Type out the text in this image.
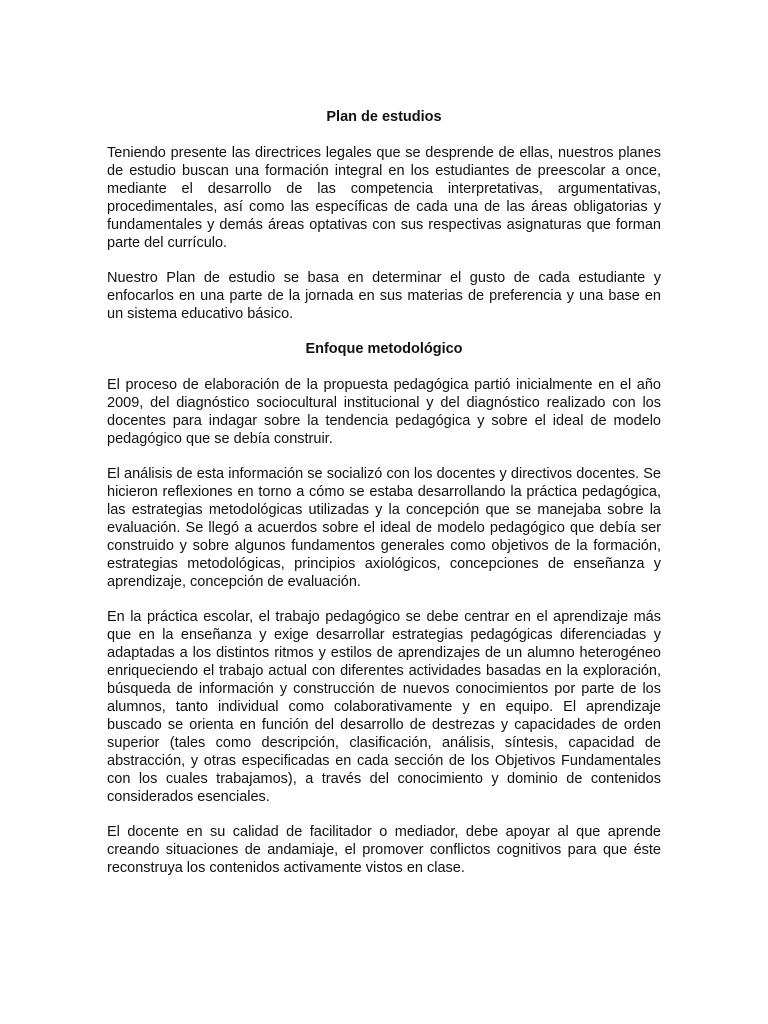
Plan de estudios

Teniendo presente las directrices legales que se desprende de ellas, nuestros planes de estudio buscan una formación integral en los estudiantes de preescolar a once, mediante el desarrollo de las competencia interpretativas, argumentativas, procedimentales, así como las específicas de cada una de las áreas obligatorias y fundamentales y demás áreas optativas con sus respectivas asignaturas que forman parte del currículo.

Nuestro Plan de estudio se basa en determinar el gusto de cada estudiante y enfocarlos en una parte de la jornada en sus materias de preferencia y una base en un sistema educativo básico.

Enfoque metodológico

El proceso de elaboración de la propuesta pedagógica partió inicialmente en el año 2009, del diagnóstico sociocultural institucional y del diagnóstico realizado con los docentes para indagar sobre la tendencia pedagógica y sobre el ideal de modelo pedagógico que se debía construir.

El análisis de esta información se socializó con los docentes y directivos docentes. Se hicieron reflexiones en torno a cómo se estaba desarrollando la práctica pedagógica, las estrategias metodológicas utilizadas y la concepción que se manejaba sobre la evaluación. Se llegó a acuerdos sobre el ideal de modelo pedagógico que debía ser construido y sobre algunos fundamentos generales como objetivos de la formación, estrategias metodológicas, principios axiológicos, concepciones de enseñanza y aprendizaje, concepción de evaluación.

En la práctica escolar, el trabajo pedagógico se debe centrar en el aprendizaje más que en la enseñanza y exige desarrollar estrategias pedagógicas diferenciadas y adaptadas a los distintos ritmos y estilos de aprendizajes de un alumno heterogéneo enriqueciendo el trabajo actual con diferentes actividades basadas en la exploración, búsqueda de información y construcción de nuevos conocimientos por parte de los alumnos, tanto individual como colaborativamente y en equipo. El aprendizaje buscado se orienta en función del desarrollo de destrezas y capacidades de orden superior (tales como descripción, clasificación, análisis, síntesis, capacidad de abstracción, y otras especificadas en cada sección de los Objetivos Fundamentales con los cuales trabajamos), a través del conocimiento y dominio de contenidos considerados esenciales.

El docente en su calidad de facilitador o mediador, debe apoyar al que aprende creando situaciones de andamiaje, el promover conflictos cognitivos para que éste reconstruya los contenidos activamente vistos en clase.
